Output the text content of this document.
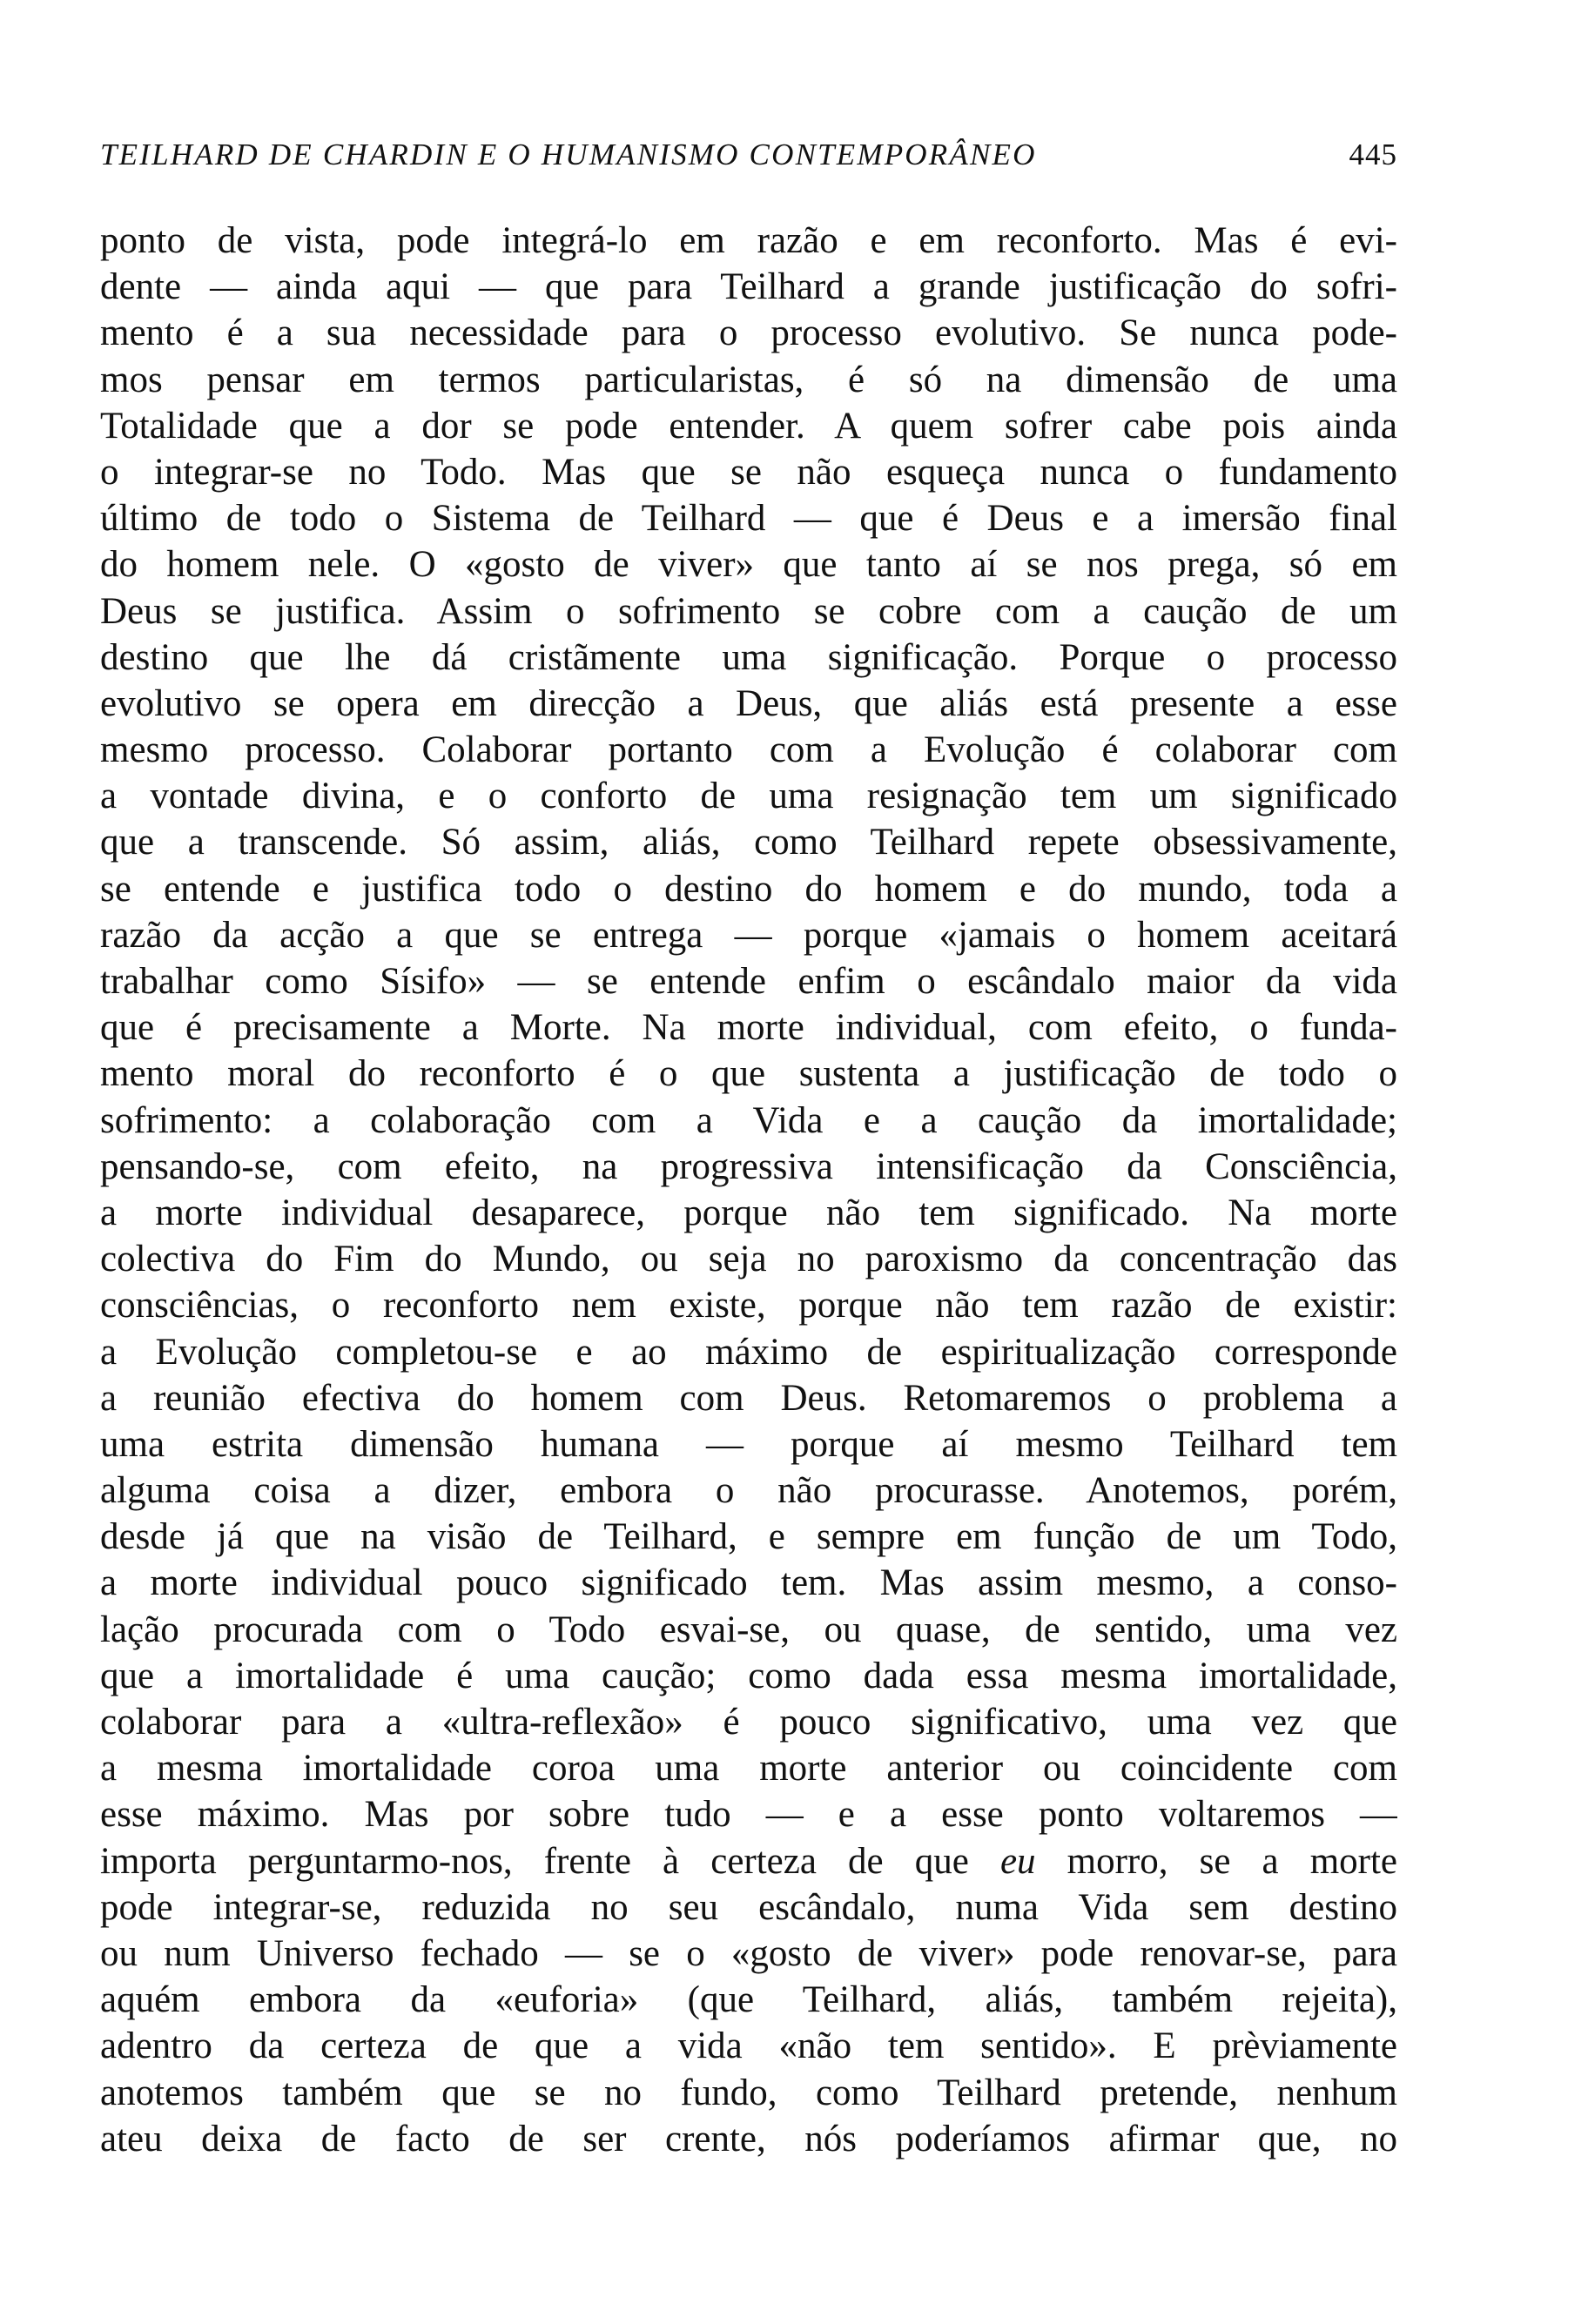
TEILHARD DE CHARDIN E O HUMANISMO CONTEMPORÂNEO	445
ponto de vista, pode integrá-lo em razão e em reconforto. Mas é evi-
dente — ainda aqui — que para Teilhard a grande justificação do sofri-
mento é a sua necessidade para o processo evolutivo. Se nunca pode-
mos pensar em termos particularistas, é só na dimensão de uma
Totalidade que a dor se pode entender. A quem sofrer cabe pois ainda
o integrar-se no Todo. Mas que se não esqueça nunca o fundamento
último de todo o Sistema de Teilhard — que é Deus e a imersão final
do homem nele. O «gosto de viver» que tanto aí se nos prega, só em
Deus se justifica. Assim o sofrimento se cobre com a caução de um
destino que lhe dá cristãmente uma significação. Porque o processo
evolutivo se opera em direcção a Deus, que aliás está presente a esse
mesmo processo. Colaborar portanto com a Evolução é colaborar com
a vontade divina, e o conforto de uma resignação tem um significado
que a transcende. Só assim, aliás, como Teilhard repete obsessivamente,
se entende e justifica todo o destino do homem e do mundo, toda a
razão da acção a que se entrega — porque «jamais o homem aceitará
trabalhar como Sísifo» — se entende enfim o escândalo maior da vida
que é precisamente a Morte. Na morte individual, com efeito, o funda-
mento moral do reconforto é o que sustenta a justificação de todo o
sofrimento: a colaboração com a Vida e a caução da imortalidade;
pensando-se, com efeito, na progressiva intensificação da Consciência,
a morte individual desaparece, porque não tem significado. Na morte
colectiva do Fim do Mundo, ou seja no paroxismo da concentração das
consciências, o reconforto nem existe, porque não tem razão de existir:
a Evolução completou-se e ao máximo de espiritualização corresponde
a reunião efectiva do homem com Deus. Retomaremos o problema a
uma estrita dimensão humana — porque aí mesmo Teilhard tem
alguma coisa a dizer, embora o não procurasse. Anotemos, porém,
desde já que na visão de Teilhard, e sempre em função de um Todo,
a morte individual pouco significado tem. Mas assim mesmo, a conso-
lação procurada com o Todo esvai-se, ou quase, de sentido, uma vez
que a imortalidade é uma caução; como dada essa mesma imortalidade,
colaborar para a «ultra-reflexão» é pouco significativo, uma vez que
a mesma imortalidade coroa uma morte anterior ou coincidente com
esse máximo. Mas por sobre tudo — e a esse ponto voltaremos —
importa perguntarmo-nos, frente à certeza de que eu morro, se a morte
pode integrar-se, reduzida no seu escândalo, numa Vida sem destino
ou num Universo fechado — se o «gosto de viver» pode renovar-se, para
aquém embora da «euforia» (que Teilhard, aliás, também rejeita),
adentro da certeza de que a vida «não tem sentido». E prèviamente
anotemos também que se no fundo, como Teilhard pretende, nenhum
ateu deixa de facto de ser crente, nós poderíamos afirmar que, no
